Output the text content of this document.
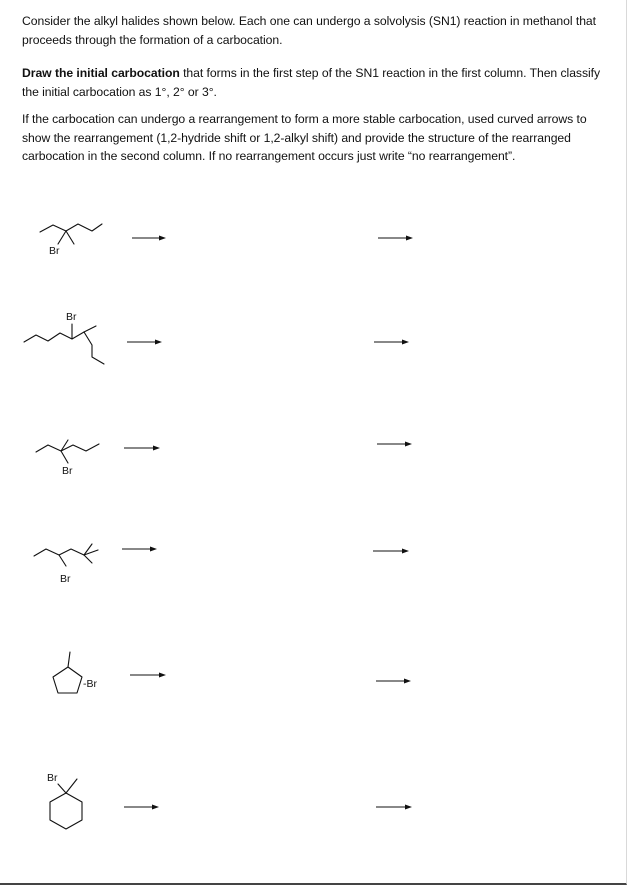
Consider the alkyl halides shown below. Each one can undergo a solvolysis (SN1) reaction in methanol that proceeds through the formation of a carbocation.

Draw the initial carbocation that forms in the first step of the SN1 reaction in the first column. Then classify the initial carbocation as 1°, 2° or 3°.

If the carbocation can undergo a rearrangement to form a more stable carbocation, used curved arrows to show the rearrangement (1,2-hydride shift or 1,2-alkyl shift) and provide the structure of the rearranged carbocation in the second column. If no rearrangement occurs just write “no rearrangement”.

Br
Br
Br
Br
-Br
Br
